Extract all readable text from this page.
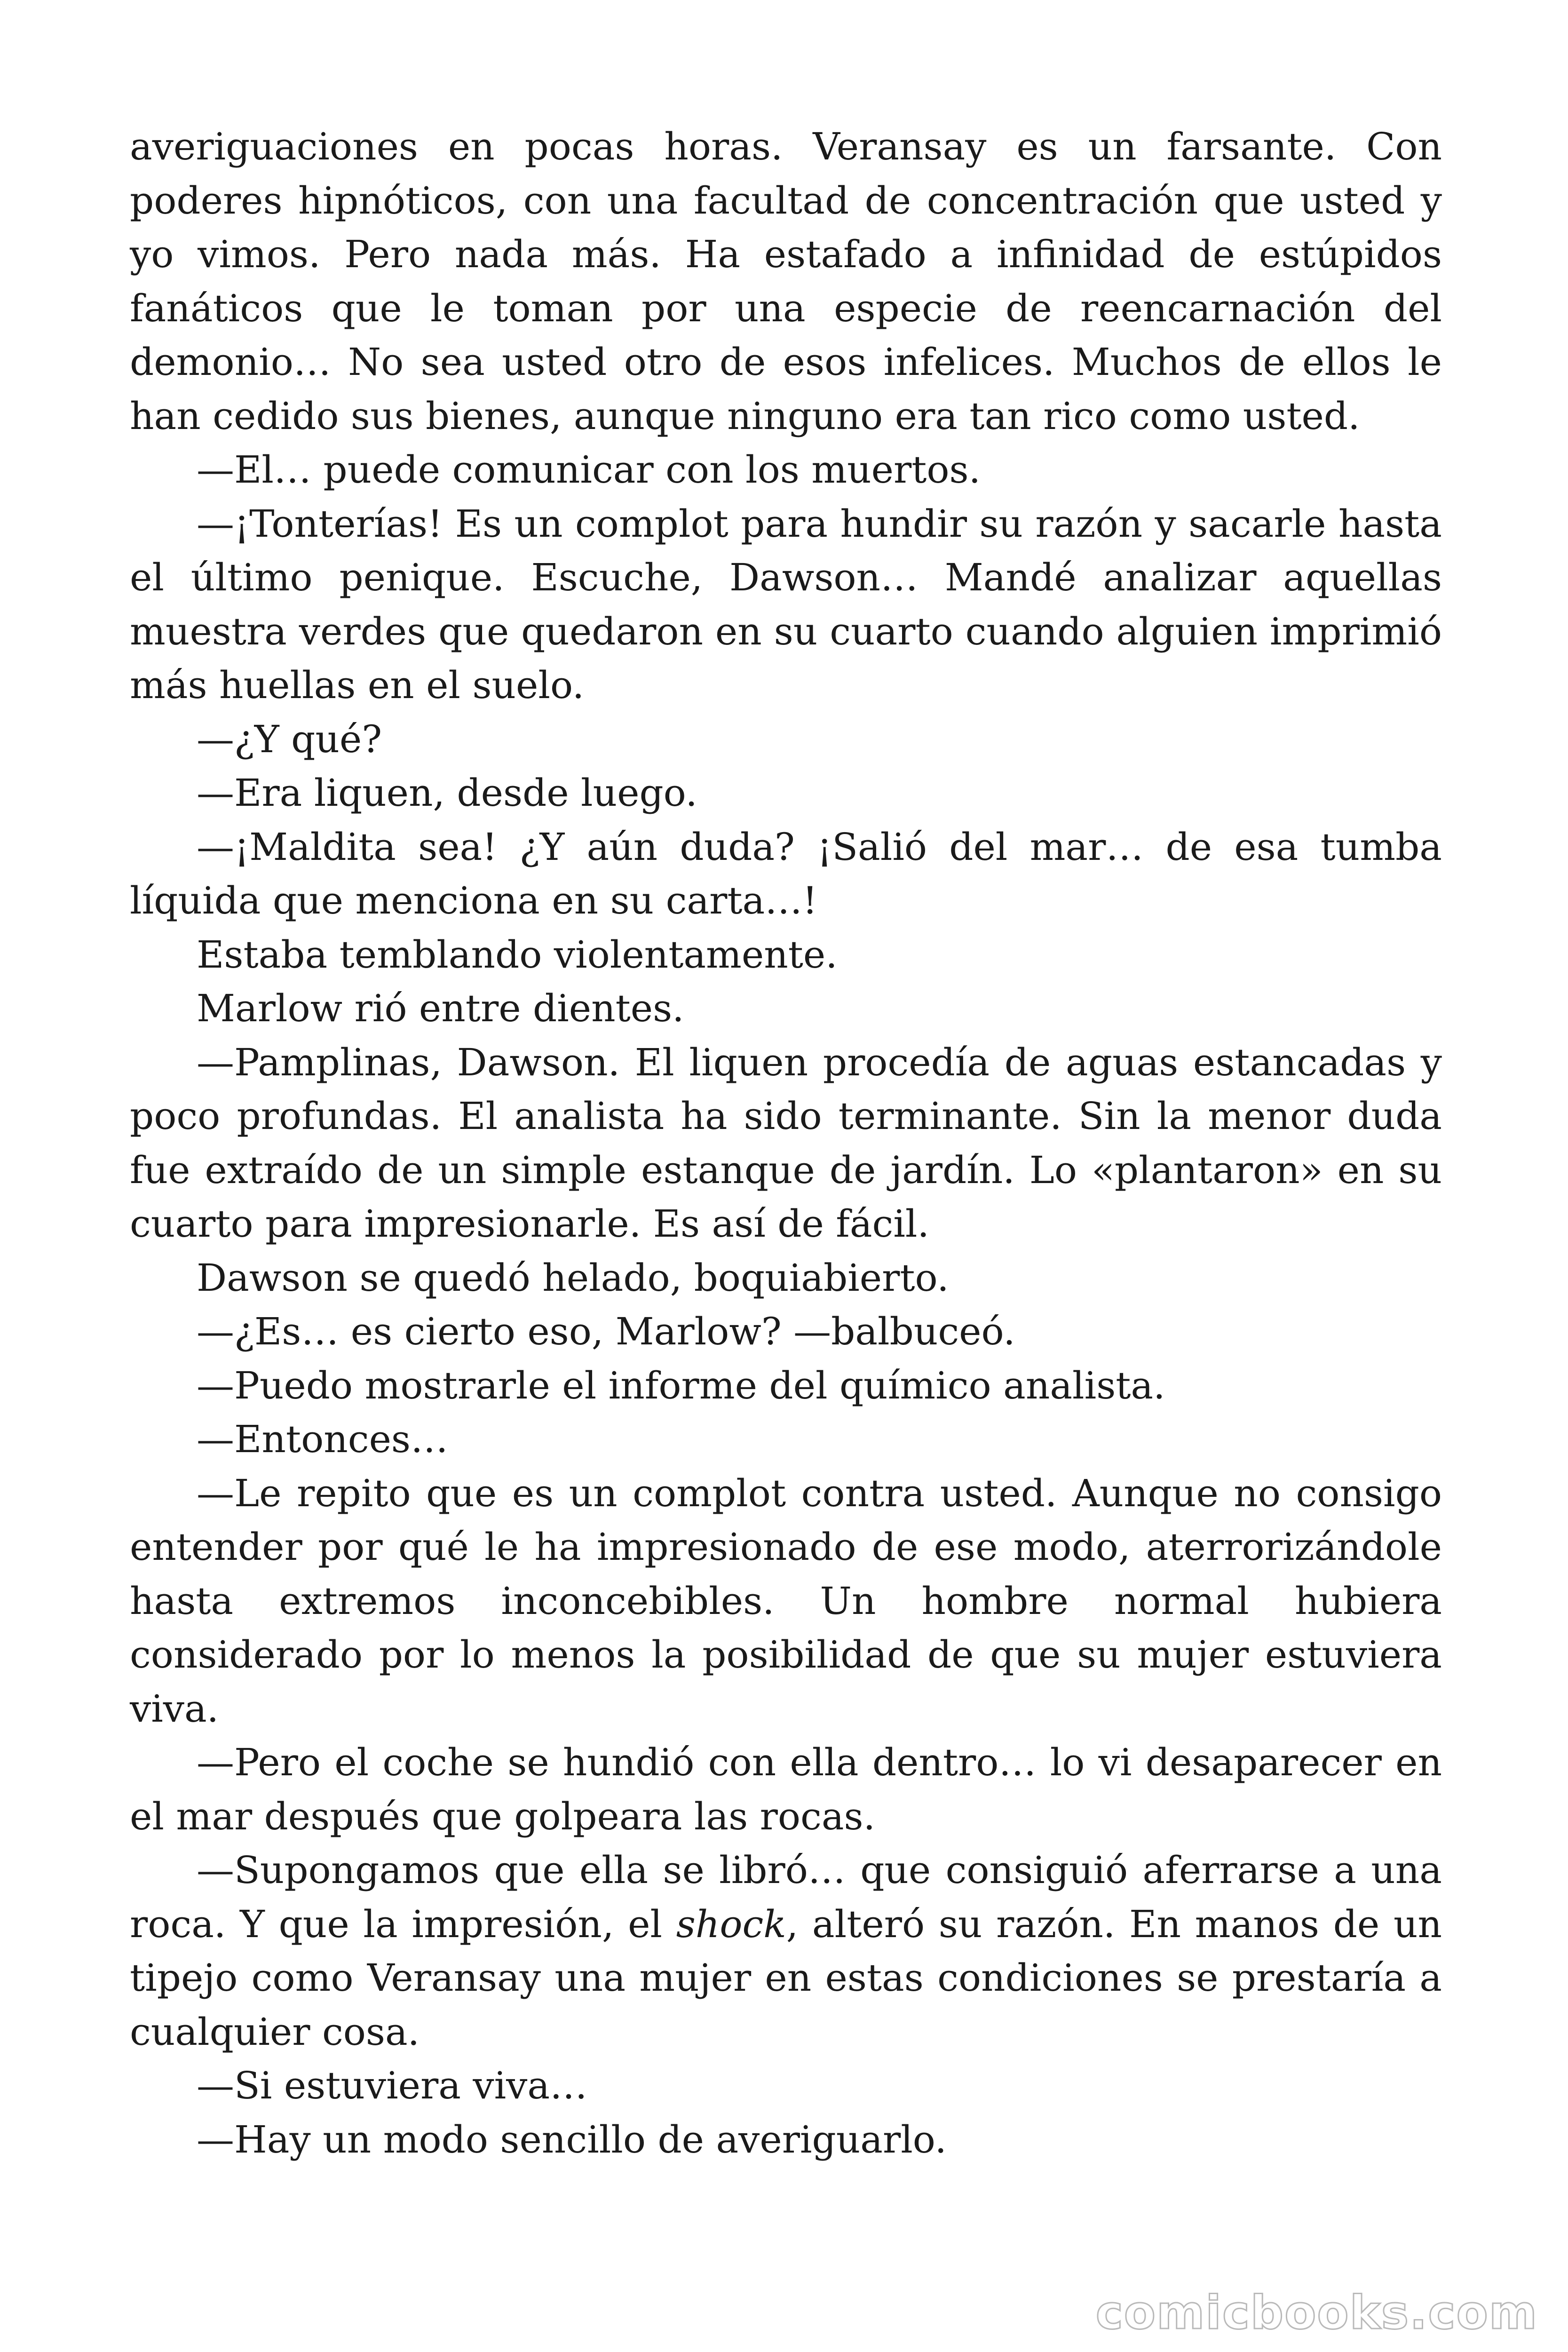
averiguaciones en pocas horas. Veransay es un farsante. Con poderes hipnóticos, con una facultad de concentración que usted y yo vimos. Pero nada más. Ha estafado a infinidad de estúpidos fanáticos que le toman por una especie de reencarnación del demonio… No sea usted otro de esos infelices. Muchos de ellos le han cedido sus bienes, aunque ninguno era tan rico como usted.

—El… puede comunicar con los muertos.

—¡Tonterías! Es un complot para hundir su razón y sacarle hasta el último penique. Escuche, Dawson… Mandé analizar aquellas muestra verdes que quedaron en su cuarto cuando alguien imprimió más huellas en el suelo.

—¿Y qué?

—Era liquen, desde luego.

—¡Maldita sea! ¿Y aún duda? ¡Salió del mar… de esa tumba líquida que menciona en su carta…!

Estaba temblando violentamente.

Marlow rió entre dientes.

—Pamplinas, Dawson. El liquen procedía de aguas estancadas y poco profundas. El analista ha sido terminante. Sin la menor duda fue extraído de un simple estanque de jardín. Lo «plantaron» en su cuarto para impresionarle. Es así de fácil.

Dawson se quedó helado, boquiabierto.

—¿Es… es cierto eso, Marlow? —balbuceó.

—Puedo mostrarle el informe del químico analista.

—Entonces…

—Le repito que es un complot contra usted. Aunque no consigo entender por qué le ha impresionado de ese modo, aterrorizándole hasta extremos inconcebibles. Un hombre normal hubiera considerado por lo menos la posibilidad de que su mujer estuviera viva.

—Pero el coche se hundió con ella dentro… lo vi desaparecer en el mar después que golpeara las rocas.

—Supongamos que ella se libró… que consiguió aferrarse a una roca. Y que la impresión, el shock, alteró su razón. En manos de un tipejo como Veransay una mujer en estas condiciones se prestaría a cualquier cosa.

—Si estuviera viva…

—Hay un modo sencillo de averiguarlo.

comicbooks.com
